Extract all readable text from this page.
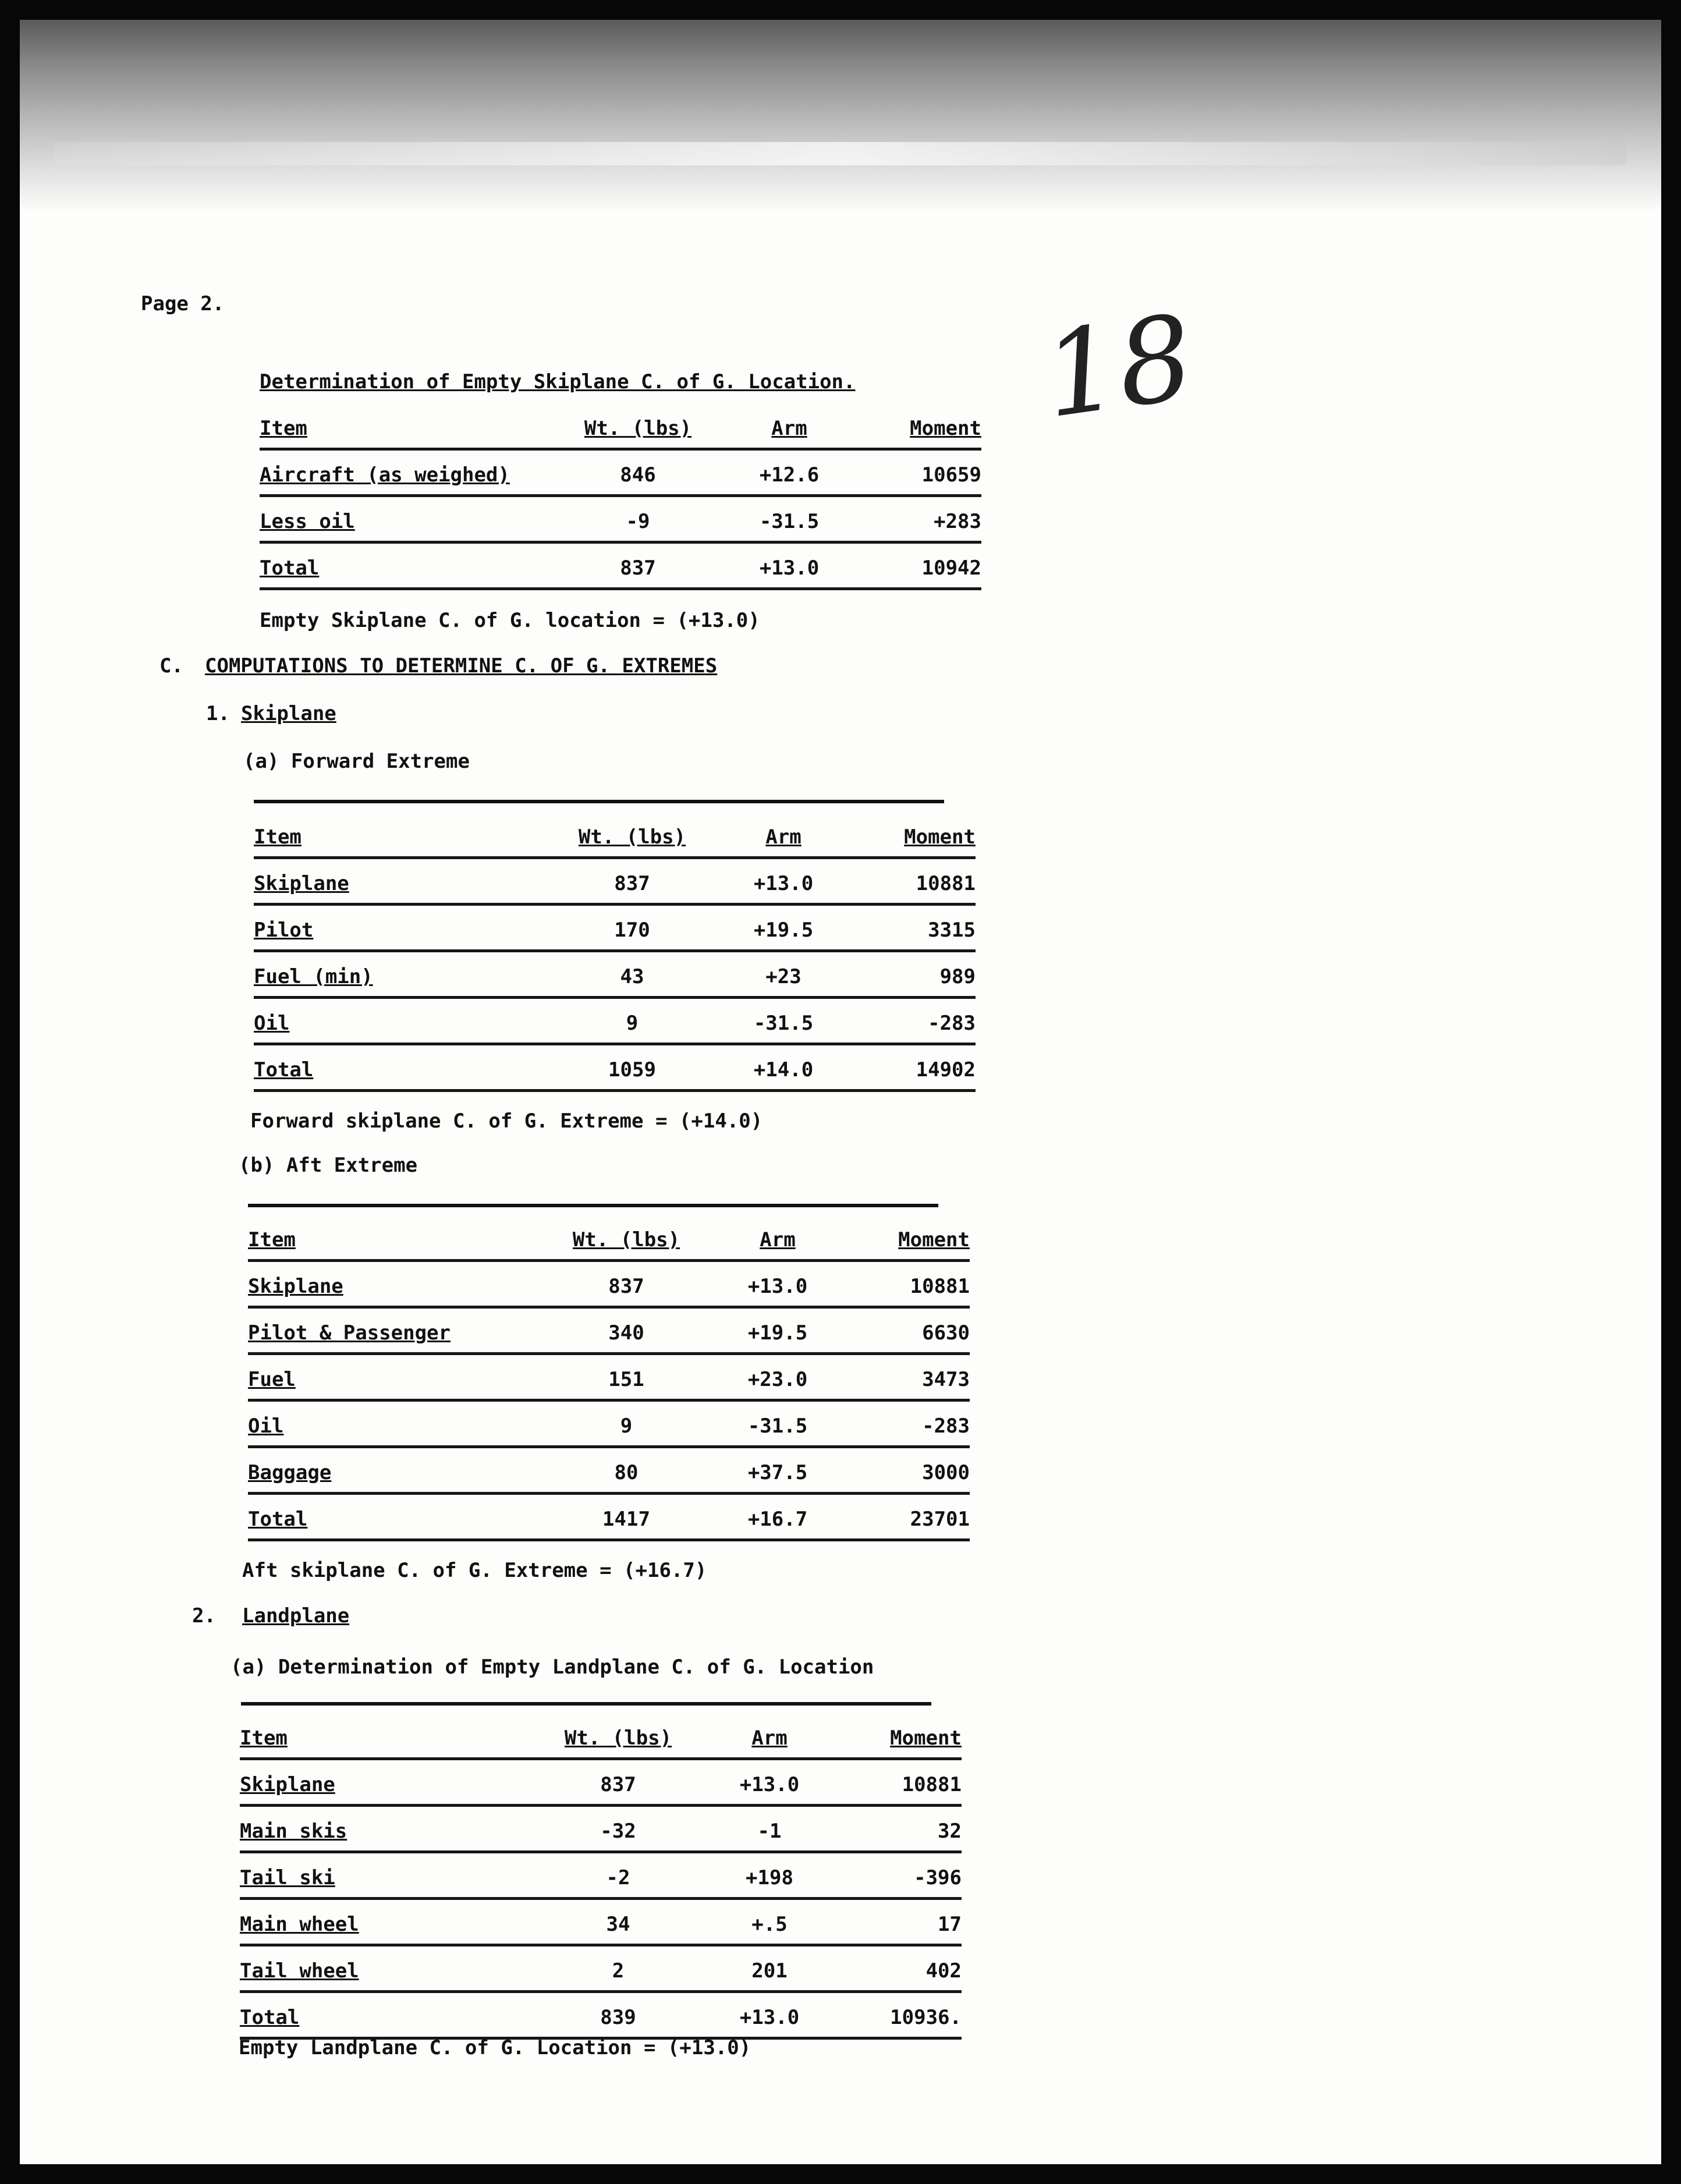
Page 2.	18
Determination of Empty Skiplane C. of G. Location.
Item	Wt. (lbs)	Arm	Moment
Aircraft (as weighed)	846	+12.6	10659
Less oil	-9	-31.5	+283
Total	837	+13.0	10942
Empty Skiplane C. of G. location = (+13.0)
C. COMPUTATIONS TO DETERMINE C. OF G. EXTREMES
1. Skiplane
(a) Forward Extreme
Item	Wt. (lbs)	Arm	Moment
Skiplane	837	+13.0	10881
Pilot	170	+19.5	3315
Fuel (min)	43	+23	989
Oil	9	-31.5	-283
Total	1059	+14.0	14902
Forward skiplane C. of G. Extreme = (+14.0)
(b) Aft Extreme
Item	Wt. (lbs)	Arm	Moment
Skiplane	837	+13.0	10881
Pilot & Passenger	340	+19.5	6630
Fuel	151	+23.0	3473
Oil	9	-31.5	-283
Baggage	80	+37.5	3000
Total	1417	+16.7	23701
Aft skiplane C. of G. Extreme = (+16.7)
2. Landplane
(a) Determination of Empty Landplane C. of G. Location
Item	Wt. (lbs)	Arm	Moment
Skiplane	837	+13.0	10881
Main skis	-32	-1	32
Tail ski	-2	+198	-396
Main wheel	34	+.5	17
Tail wheel	2	201	402
Total	839	+13.0	10936.
Empty Landplane C. of G. Location = (+13.0)
